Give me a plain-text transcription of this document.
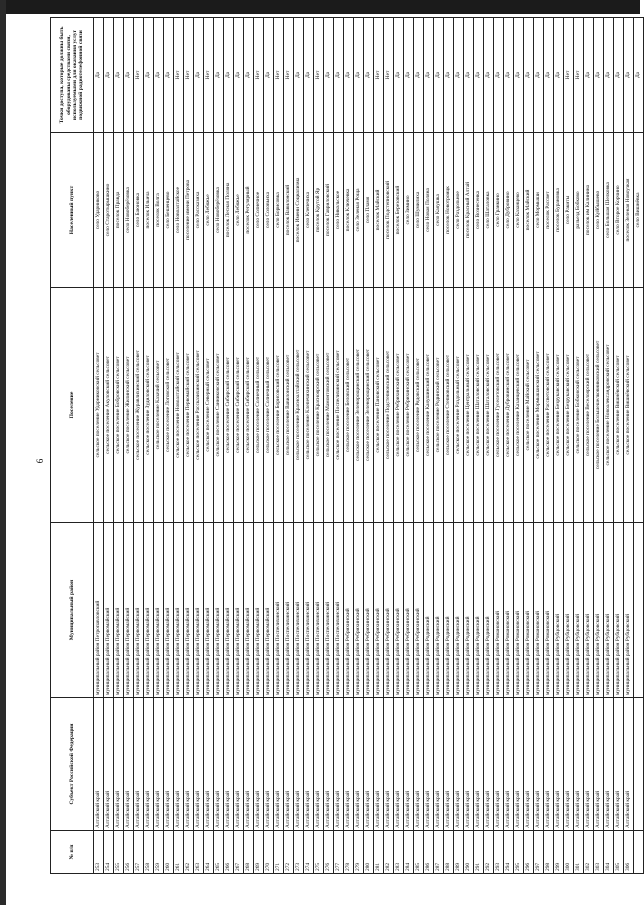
6
№ п/п	Субъект Российской Федерации	Муниципальный район	Поселение	Населенный пункт	Точки доступа, которые должны быть оборудованы средствами связи, используемыми для оказания услуг подвижной радиотелефонной связи
253	Алтайский край	муниципальный район Петропавловский	сельское поселение Ударниковский сельсовет	село Ударниково	Да
254	Алтайский край	муниципальный район Первомайский	сельское поселение Акуловский сельсовет	село Старотырышкино	Да
255	Алтайский край	муниципальный район Первомайский	сельское поселение Бобровский сельсовет	поселок Правда	Да
256	Алтайский край	муниципальный район Первомайский	сельское поселение Жилинский сельсовет	село Новоберёзовка	Да
257	Алтайский край	муниципальный район Первомайский	сельское поселение Журавлихинский сельсовет	село Баюновка	Нет
258	Алтайский край	муниципальный район Первомайский	сельское поселение Зудиловский сельсовет	поселок Ильича	Да
259	Алтайский край	муниципальный район Первомайский	сельское поселение Казачий сельсовет	поселок Волга	Да
260	Алтайский край	муниципальный район Первомайский	сельское поселение Логовской сельсовет	село Бешенцево	Да
261	Алтайский край	муниципальный район Первомайский	сельское поселение Новоалтайский сельсовет	село Новоалтайское	Нет
262	Алтайский край	муниципальный район Первомайский	сельское поселение Первомайский сельсовет	поселение имени Петрова	Нет
263	Алтайский край	муниципальный район Первомайский	сельское поселение Рассказихинский сельсовет	село Рассказиха	Да
264	Алтайский край	муниципальный район Первомайский	сельское поселение Северный сельсовет	село Лебяжье	Нет
265	Алтайский край	муниципальный район Первомайский	сельское поселение Санниковский сельсовет	село Новоберёзовка	Да
266	Алтайский край	муниципальный район Первомайский	сельское поселение Сибирский сельсовет	поселок Лесная Поляна	Да
267	Алтайский край	муниципальный район Первомайский	сельское поселение Сибирский сельсовет	село Лебяжье	Да
268	Алтайский край	муниципальный район Первомайский	сельское поселение Сибирский сельсовет	поселок Регулярный	Да
269	Алтайский край	муниципальный район Первомайский	сельское поселение Солнечный сельсовет	село Солнечное	Нет
270	Алтайский край	муниципальный район Первомайский	сельское поселение Солнечный сельсовет	село Соловьиха	Да
271	Алтайский край	муниципальный район Поспелихинский	сельское поселение Борисовский сельсовет	село Борисовка	Нет
272	Алтайский край	муниципальный район Поспелихинский	сельское поселение Вавилонский сельсовет	поселок Вавилонский	Нет
273	Алтайский край	муниципальный район Поспелихинский	сельское поселение Красноалтайский сельсовет	поселок Имени Социализма	Да
274	Алтайский край	муниципальный район Поспелихинский	сельское поселение Клепечихинский сельсовет	село Клепечиха	Да
275	Алтайский край	муниципальный район Поспелихинский	сельское поселение Красноярский сельсовет	поселок Крутой Яр	Нет
276	Алтайский край	муниципальный район Поспелихинский	сельское поселение Мамонтовский сельсовет	поселок Гавриловский	Да
277	Алтайский край	муниципальный район Поспелихинский	сельское поселение Поспелихинский сельсовет	село Никольское	Да
278	Алтайский край	муниципальный район Ребрихинский	сельское поселение Беловский сельсовет	поселок Ключевка	Да
279	Алтайский край	муниципальный район Ребрихинский	сельское поселение Зеленорощинский сельсовет	село Зеленая Роща	Да
280	Алтайский край	муниципальный район Ребрихинский	сельское поселение Зеленорощинский сельсовет	село Пламя	Да
281	Алтайский край	муниципальный район Ребрихинский	сельское поселение Пановский сельсовет	поселок Майский	Нет
282	Алтайский край	муниципальный район Ребрихинский	сельское поселение Подстепновский сельсовет	поселок Подстепновский	Нет
283	Алтайский край	муниципальный район Ребрихинский	сельское поселение Ребрихинский сельсовет	поселок Березовский	Да
284	Алтайский край	муниципальный район Ребрихинский	сельское поселение Ребрихинский сельсовет	село Зимино	Да
285	Алтайский край	муниципальный район Ребрихинский	сельское поселение Рядовский сельсовет	село Шумилиха	Да
286	Алтайский край	муниципальный район Родинский	сельское поселение Каяушинский сельсовет	село Новая Поляна	Да
287	Алтайский край	муниципальный район Родинский	сельское поселение Родинский сельсовет	село Каяушка	Да
288	Алтайский край	муниципальный район Родинский	сельское поселение Степновский сельсовет	поселок Новотроицк	Да
289	Алтайский край	муниципальный район Родинский	сельское поселение Раздольный сельсовет	село Раздольное	Да
290	Алтайский край	муниципальный район Родинский	сельское поселение Центральный сельсовет	поселок Красный Алтай	Да
291	Алтайский край	муниципальный район Родинский	сельское поселение Шаталовский сельсовет	село Вознесенка	Да
292	Алтайский край	муниципальный район Родинский	сельское поселение Шаталовский сельсовет	село Шаталовка	Да
293	Алтайский край	муниципальный район Романовский	сельское поселение Гуселетовский сельсовет	село Гранкино	Да
294	Алтайский край	муниципальный район Романовский	сельское поселение Дубровинский сельсовет	село Дубровино	Да
295	Алтайский край	муниципальный район Романовский	сельское поселение Казанцевский сельсовет	село Казанцево	Да
296	Алтайский край	муниципальный район Романовский	сельское поселение Майский сельсовет	поселок Майский	Да
297	Алтайский край	муниципальный район Романовский	сельское поселение Мормышанский сельсовет	село Мормыши	Да
298	Алтайский край	муниципальный район Романовский	сельское поселение Рассветовский сельсовет	поселок Рассвет	Да
299	Алтайский край	муниципальный район Рубцовский	сельское поселение Безрукавский сельсовет	поселок Бурановка	Да
300	Алтайский край	муниципальный район Рубцовский	сельское поселение Безрукавский сельсовет	село Ракиты	Нет
301	Алтайский край	муниципальный район Рубцовский	сельское поселение Бобковский сельсовет	разъезд Бобково	Нет
302	Алтайский край	муниципальный район Рубцовский	сельское поселение Веселоярский сельсовет	поселок им Калинина	Да
303	Алтайский край	муниципальный район Рубцовский	сельское поселение Большешелковниковский сельсовет	село Куйбышево	Да
304	Алтайский край	муниципальный район Рубцовский	сельское поселение Новоалександровский сельсовет	село Большая Шелковка	Да
305	Алтайский край	муниципальный район Рубцовский	сельское поселение Вишнёвский сельсовет	село Второе Корчино	Да
306	Алтайский край	муниципальный район Рубцовский	сельское поселение Вишнёвский сельсовет	поселок Зеленая Новоузкая	Да
				село Вишнёвка	Да
